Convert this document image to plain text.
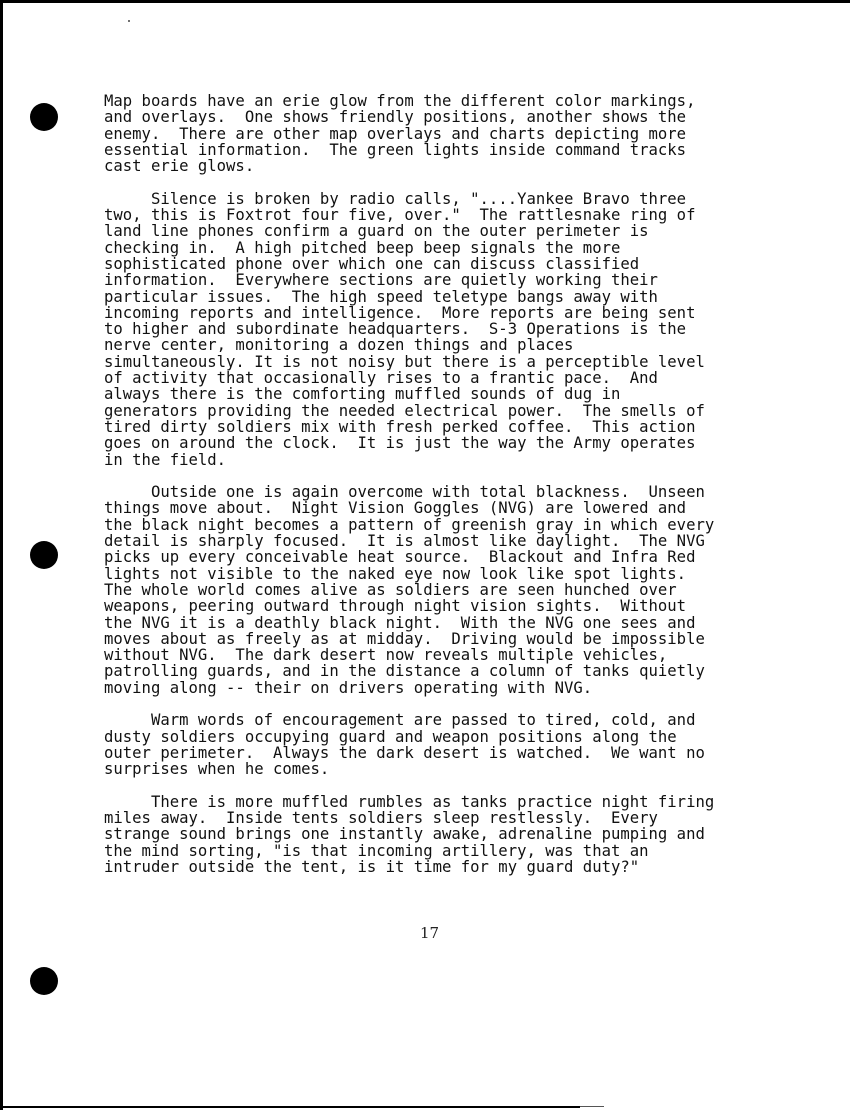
Map boards have an erie glow from the different color markings,
and overlays.  One shows friendly positions, another shows the
enemy.  There are other map overlays and charts depicting more
essential information.  The green lights inside command tracks
cast erie glows.
Silence is broken by radio calls, "....Yankee Bravo three
two, this is Foxtrot four five, over."  The rattlesnake ring of
land line phones confirm a guard on the outer perimeter is
checking in.  A high pitched beep beep signals the more
sophisticated phone over which one can discuss classified
information.  Everywhere sections are quietly working their
particular issues.  The high speed teletype bangs away with
incoming reports and intelligence.  More reports are being sent
to higher and subordinate headquarters.  S-3 Operations is the
nerve center, monitoring a dozen things and places
simultaneously. It is not noisy but there is a perceptible level
of activity that occasionally rises to a frantic pace.  And
always there is the comforting muffled sounds of dug in
generators providing the needed electrical power.  The smells of
tired dirty soldiers mix with fresh perked coffee.  This action
goes on around the clock.  It is just the way the Army operates
in the field.
Outside one is again overcome with total blackness.  Unseen
things move about.  Night Vision Goggles (NVG) are lowered and
the black night becomes a pattern of greenish gray in which every
detail is sharply focused.  It is almost like daylight.  The NVG
picks up every conceivable heat source.  Blackout and Infra Red
lights not visible to the naked eye now look like spot lights.
The whole world comes alive as soldiers are seen hunched over
weapons, peering outward through night vision sights.  Without
the NVG it is a deathly black night.  With the NVG one sees and
moves about as freely as at midday.  Driving would be impossible
without NVG.  The dark desert now reveals multiple vehicles,
patrolling guards, and in the distance a column of tanks quietly
moving along -- their on drivers operating with NVG.
Warm words of encouragement are passed to tired, cold, and
dusty soldiers occupying guard and weapon positions along the
outer perimeter.  Always the dark desert is watched.  We want no
surprises when he comes.
There is more muffled rumbles as tanks practice night firing
miles away.  Inside tents soldiers sleep restlessly.  Every
strange sound brings one instantly awake, adrenaline pumping and
the mind sorting, "is that incoming artillery, was that an
intruder outside the tent, is it time for my guard duty?"
17
